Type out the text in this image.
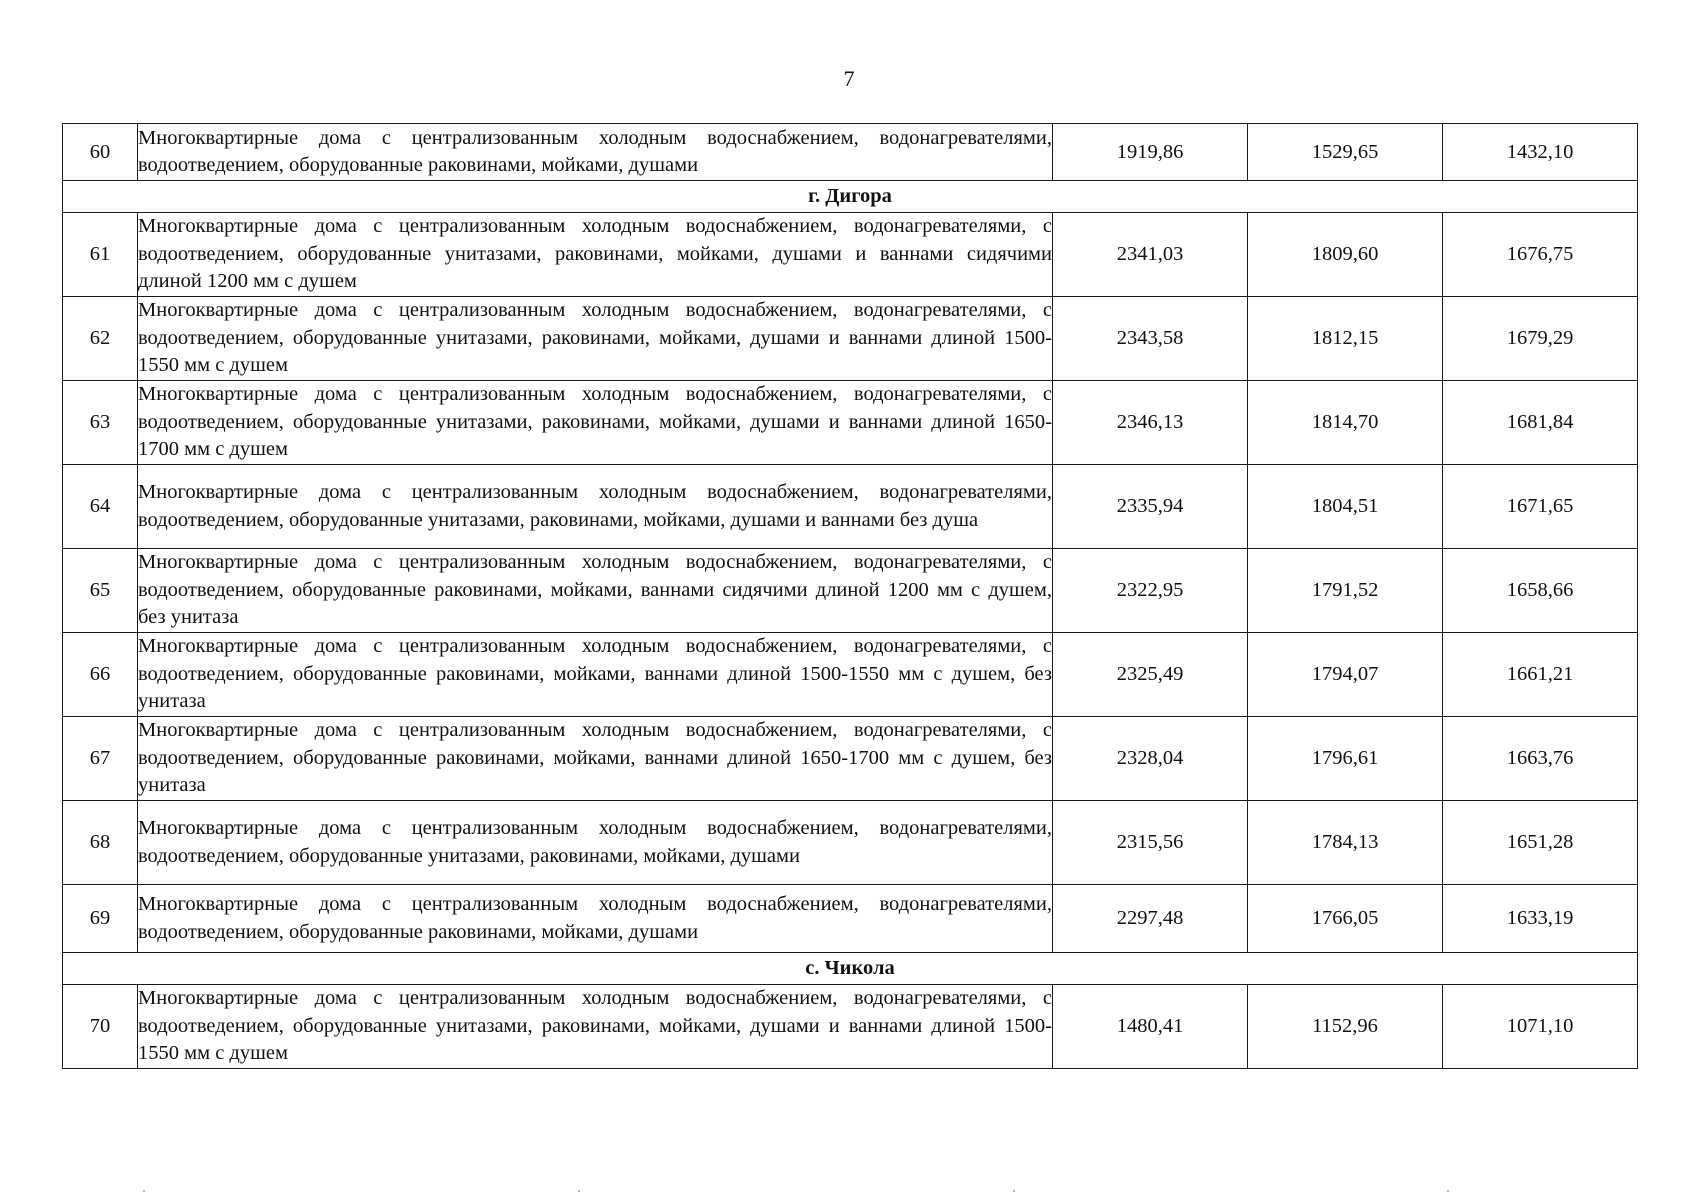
7
60	Многоквартирные дома с централизованным холодным водоснабжением, водонагревателями, водоотведением, оборудованные раковинами, мойками, душами	1919,86	1529,65	1432,10
г. Дигора				
61	Многоквартирные дома с централизованным холодным водоснабжением, водонагревателями, с водоотведением, оборудованные унитазами, раковинами, мойками, душами и ваннами сидячими длиной 1200 мм с душем	2341,03	1809,60	1676,75
62	Многоквартирные дома с централизованным холодным водоснабжением, водонагревателями, с водоотведением, оборудованные унитазами, раковинами, мойками, душами и ваннами длиной 1500-1550 мм с душем	2343,58	1812,15	1679,29
63	Многоквартирные дома с централизованным холодным водоснабжением, водонагревателями, с водоотведением, оборудованные унитазами, раковинами, мойками, душами и ваннами длиной 1650-1700 мм с душем	2346,13	1814,70	1681,84
64	Многоквартирные дома с централизованным холодным водоснабжением, водонагревателями, водоотведением, оборудованные унитазами, раковинами, мойками, душами и ваннами без душа	2335,94	1804,51	1671,65
65	Многоквартирные дома с централизованным холодным водоснабжением, водонагревателями, с водоотведением, оборудованные раковинами, мойками, ваннами сидячими длиной 1200 мм с душем, без унитаза	2322,95	1791,52	1658,66
66	Многоквартирные дома с централизованным холодным водоснабжением, водонагревателями, с водоотведением, оборудованные раковинами, мойками, ваннами длиной 1500-1550 мм с душем, без унитаза	2325,49	1794,07	1661,21
67	Многоквартирные дома с централизованным холодным водоснабжением, водонагревателями, с водоотведением, оборудованные раковинами, мойками, ваннами длиной 1650-1700 мм с душем, без унитаза	2328,04	1796,61	1663,76
68	Многоквартирные дома с централизованным холодным водоснабжением, водонагревателями, водоотведением, оборудованные унитазами, раковинами, мойками, душами	2315,56	1784,13	1651,28
69	Многоквартирные дома с централизованным холодным водоснабжением, водонагревателями, водоотведением, оборудованные раковинами, мойками, душами	2297,48	1766,05	1633,19
с. Чикола				
70	Многоквартирные дома с централизованным холодным водоснабжением, водонагревателями, с водоотведением, оборудованные унитазами, раковинами, мойками, душами и ваннами длиной 1500-1550 мм с душем	1480,41	1152,96	1071,10
